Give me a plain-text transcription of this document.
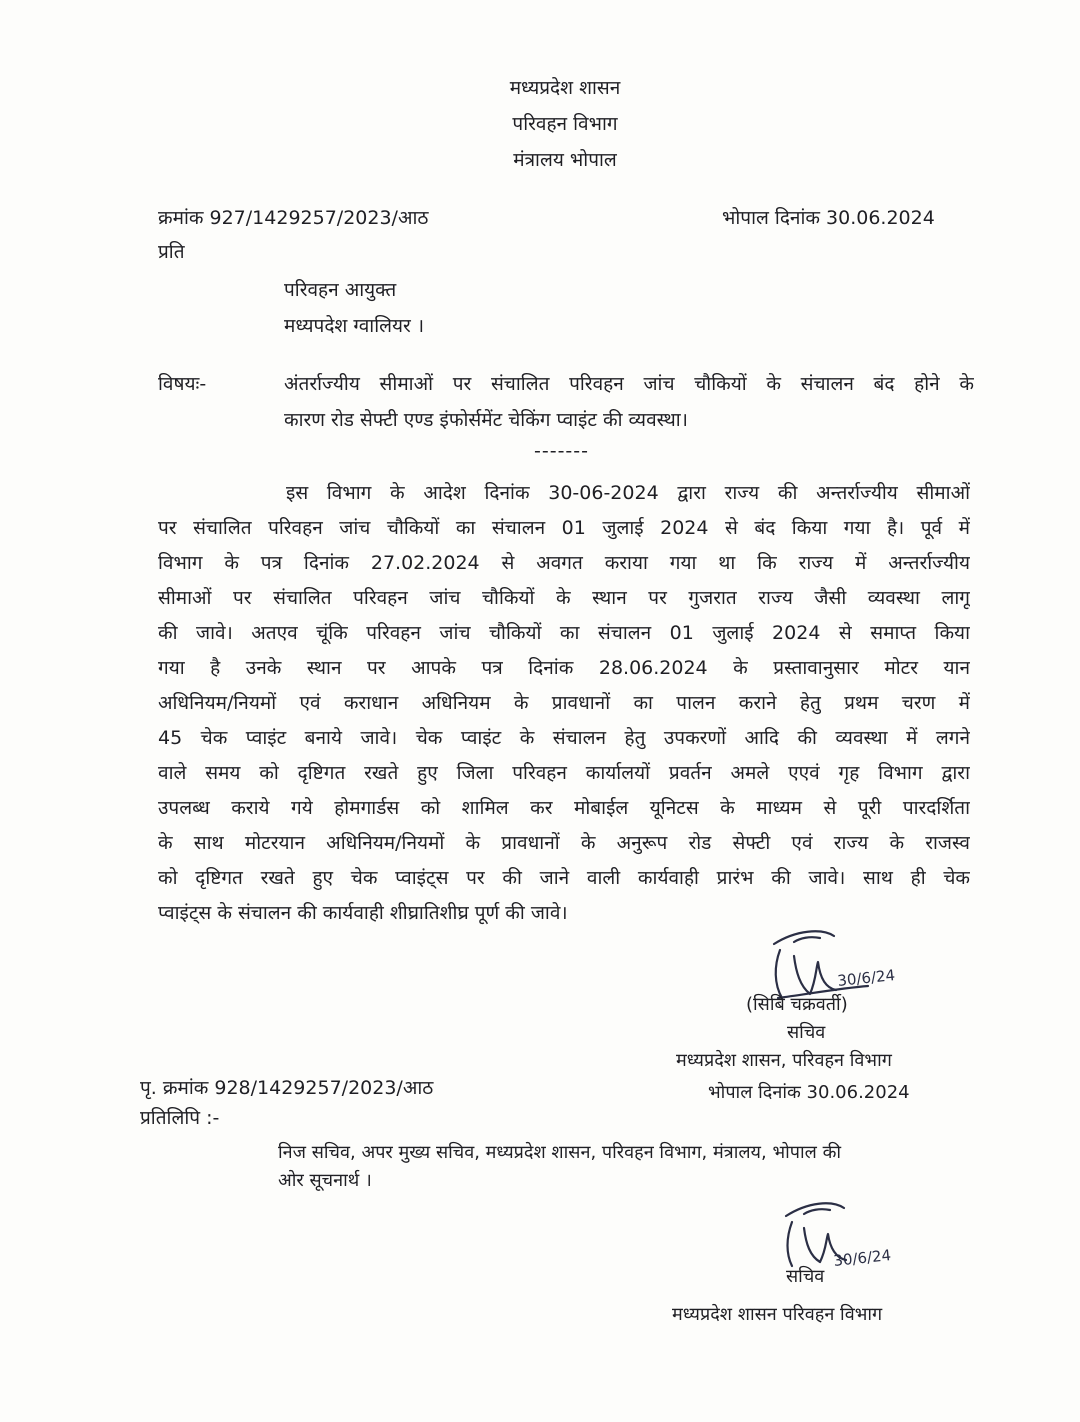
मध्यप्रदेश शासन
परिवहन विभाग
मंत्रालय भोपाल
क्रमांक 927/1429257/2023/आठ	भोपाल दिनांक 30.06.2024
प्रति
परिवहन आयुक्त
मध्यपदेश ग्वालियर ।
विषयः-	अंतर्राज्यीय सीमाओं पर संचालित परिवहन जांच चौकियों के संचालन बंद होने के
कारण रोड सेफ्टी एण्ड इंफोर्समेंट चेकिंग प्वाइंट की व्यवस्था।
-------
इस विभाग के आदेश दिनांक 30-06-2024 द्वारा राज्य की अन्तर्राज्यीय सीमाओं
पर संचालित परिवहन जांच चौकियों का संचालन 01 जुलाई 2024 से बंद किया गया है। पूर्व में
विभाग के पत्र दिनांक 27.02.2024 से अवगत कराया गया था कि राज्य में अन्तर्राज्यीय
सीमाओं पर संचालित परिवहन जांच चौकियों के स्थान पर गुजरात राज्य जैसी व्यवस्था लागू
की जावे। अतएव चूंकि परिवहन जांच चौकियों का संचालन 01 जुलाई 2024 से समाप्त किया
गया है उनके स्थान पर आपके पत्र दिनांक 28.06.2024 के प्रस्तावानुसार मोटर यान
अधिनियम/नियमों एवं कराधान अधिनियम के प्रावधानों का पालन कराने हेतु प्रथम चरण में
45 चेक प्वाइंट बनाये जावे। चेक प्वाइंट के संचालन हेतु उपकरणों आदि की व्यवस्था में लगने
वाले समय को दृष्टिगत रखते हुए जिला परिवहन कार्यालयों प्रवर्तन अमले एएवं गृह विभाग द्वारा
उपलब्ध कराये गये होमगार्डस को शामिल कर मोबाईल यूनिटस के माध्यम से पूरी पारदर्शिता
के साथ मोटरयान अधिनियम/नियमों के प्रावधानों के अनुरूप रोड सेफ्टी एवं राज्य के राजस्व
को दृष्टिगत रखते हुए चेक प्वाइंट्स पर की जाने वाली कार्यवाही प्रारंभ की जावे। साथ ही चेक
प्वाइंट्स के संचालन की कार्यवाही शीघ्रातिशीघ्र पूर्ण की जावे।
30/6/24
(सिबि चक्रवर्ती)
सचिव
मध्यप्रदेश शासन, परिवहन विभाग
भोपाल दिनांक 30.06.2024
पृ. क्रमांक 928/1429257/2023/आठ
प्रतिलिपि :-
निज सचिव, अपर मुख्य सचिव, मध्यप्रदेश शासन, परिवहन विभाग, मंत्रालय, भोपाल की
ओर सूचनार्थ ।
30/6/24
सचिव
मध्यप्रदेश शासन परिवहन विभाग
